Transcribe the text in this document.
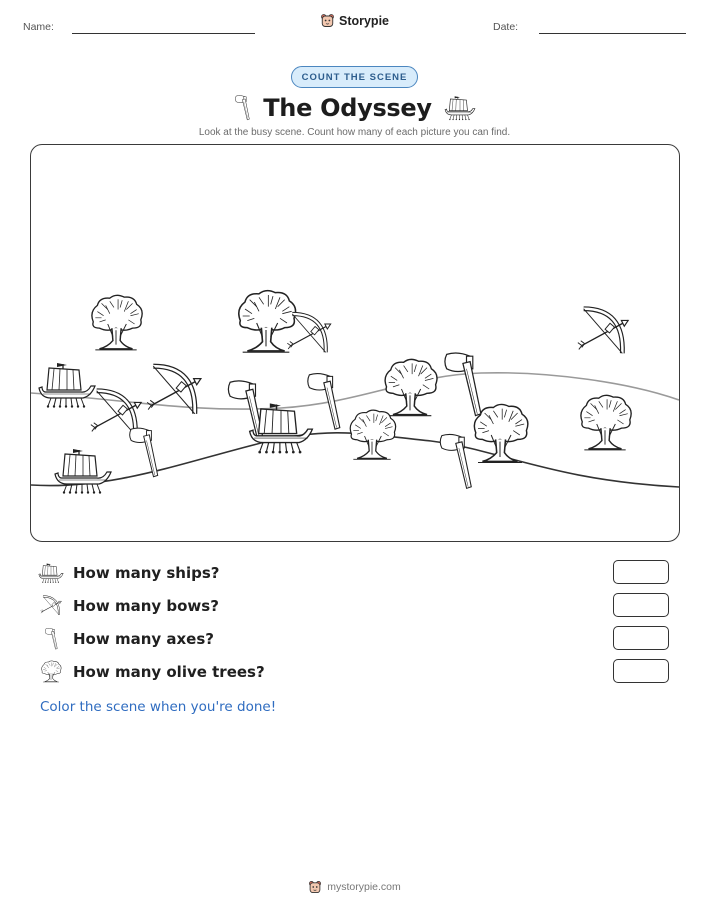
Name:	Storypie	Date:
COUNT THE SCENE
The Odyssey
Look at the busy scene. Count how many of each picture you can find.
How many ships?
How many bows?
How many axes?
How many olive trees?
Color the scene when you're done!
mystorypie.com
